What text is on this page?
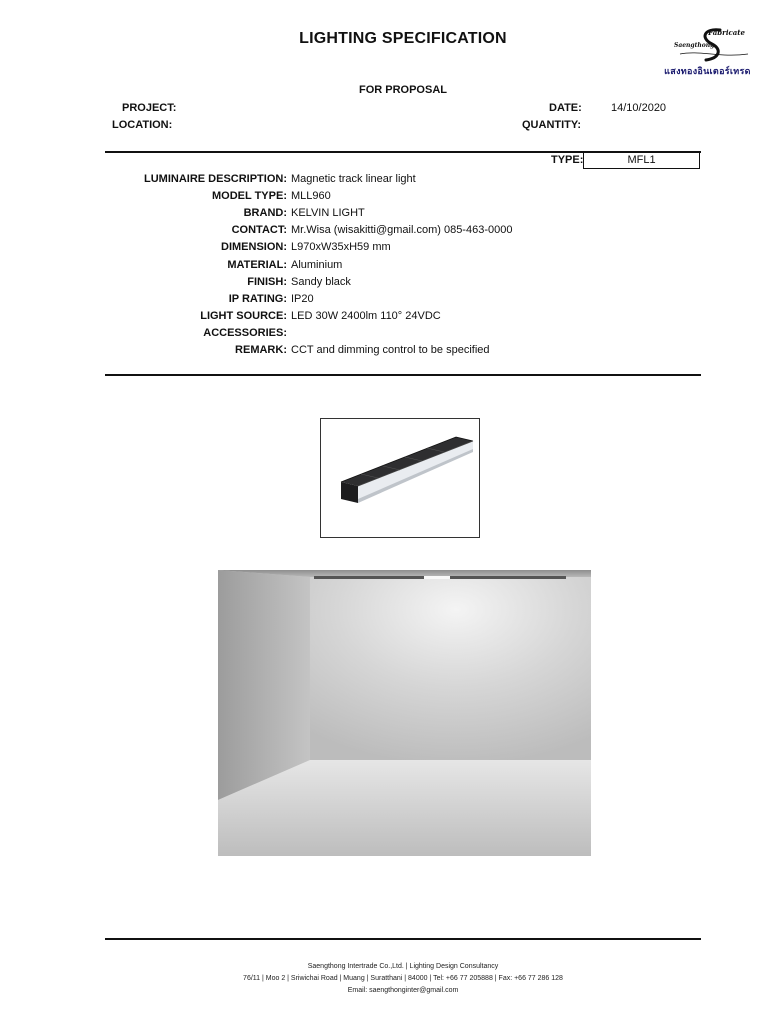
LIGHTING SPECIFICATION	Fabricate
Saengthong
แสงทองอินเตอร์เทรด
FOR PROPOSAL
PROJECT:
LOCATION:
DATE:	14/10/2020
QUANTITY:
TYPE:	MFL1
LUMINAIRE DESCRIPTION: Magnetic track linear light
MODEL TYPE: MLL960
BRAND: KELVIN LIGHT
CONTACT: Mr.Wisa (wisakitti@gmail.com) 085-463-0000
DIMENSION: L970xW35xH59 mm
MATERIAL: Aluminium
FINISH: Sandy black
IP RATING: IP20
LIGHT SOURCE: LED 30W 2400lm 110° 24VDC
ACCESSORIES:
REMARK: CCT and dimming control to be specified
Saengthong Intertrade Co.,Ltd. | Lighting Design Consultancy
76/11 | Moo 2 | Sriwichai Road | Muang | Suratthani | 84000 | Tel: +66 77 205888 | Fax: +66 77 286 128
Email: saengthonginter@gmail.com
